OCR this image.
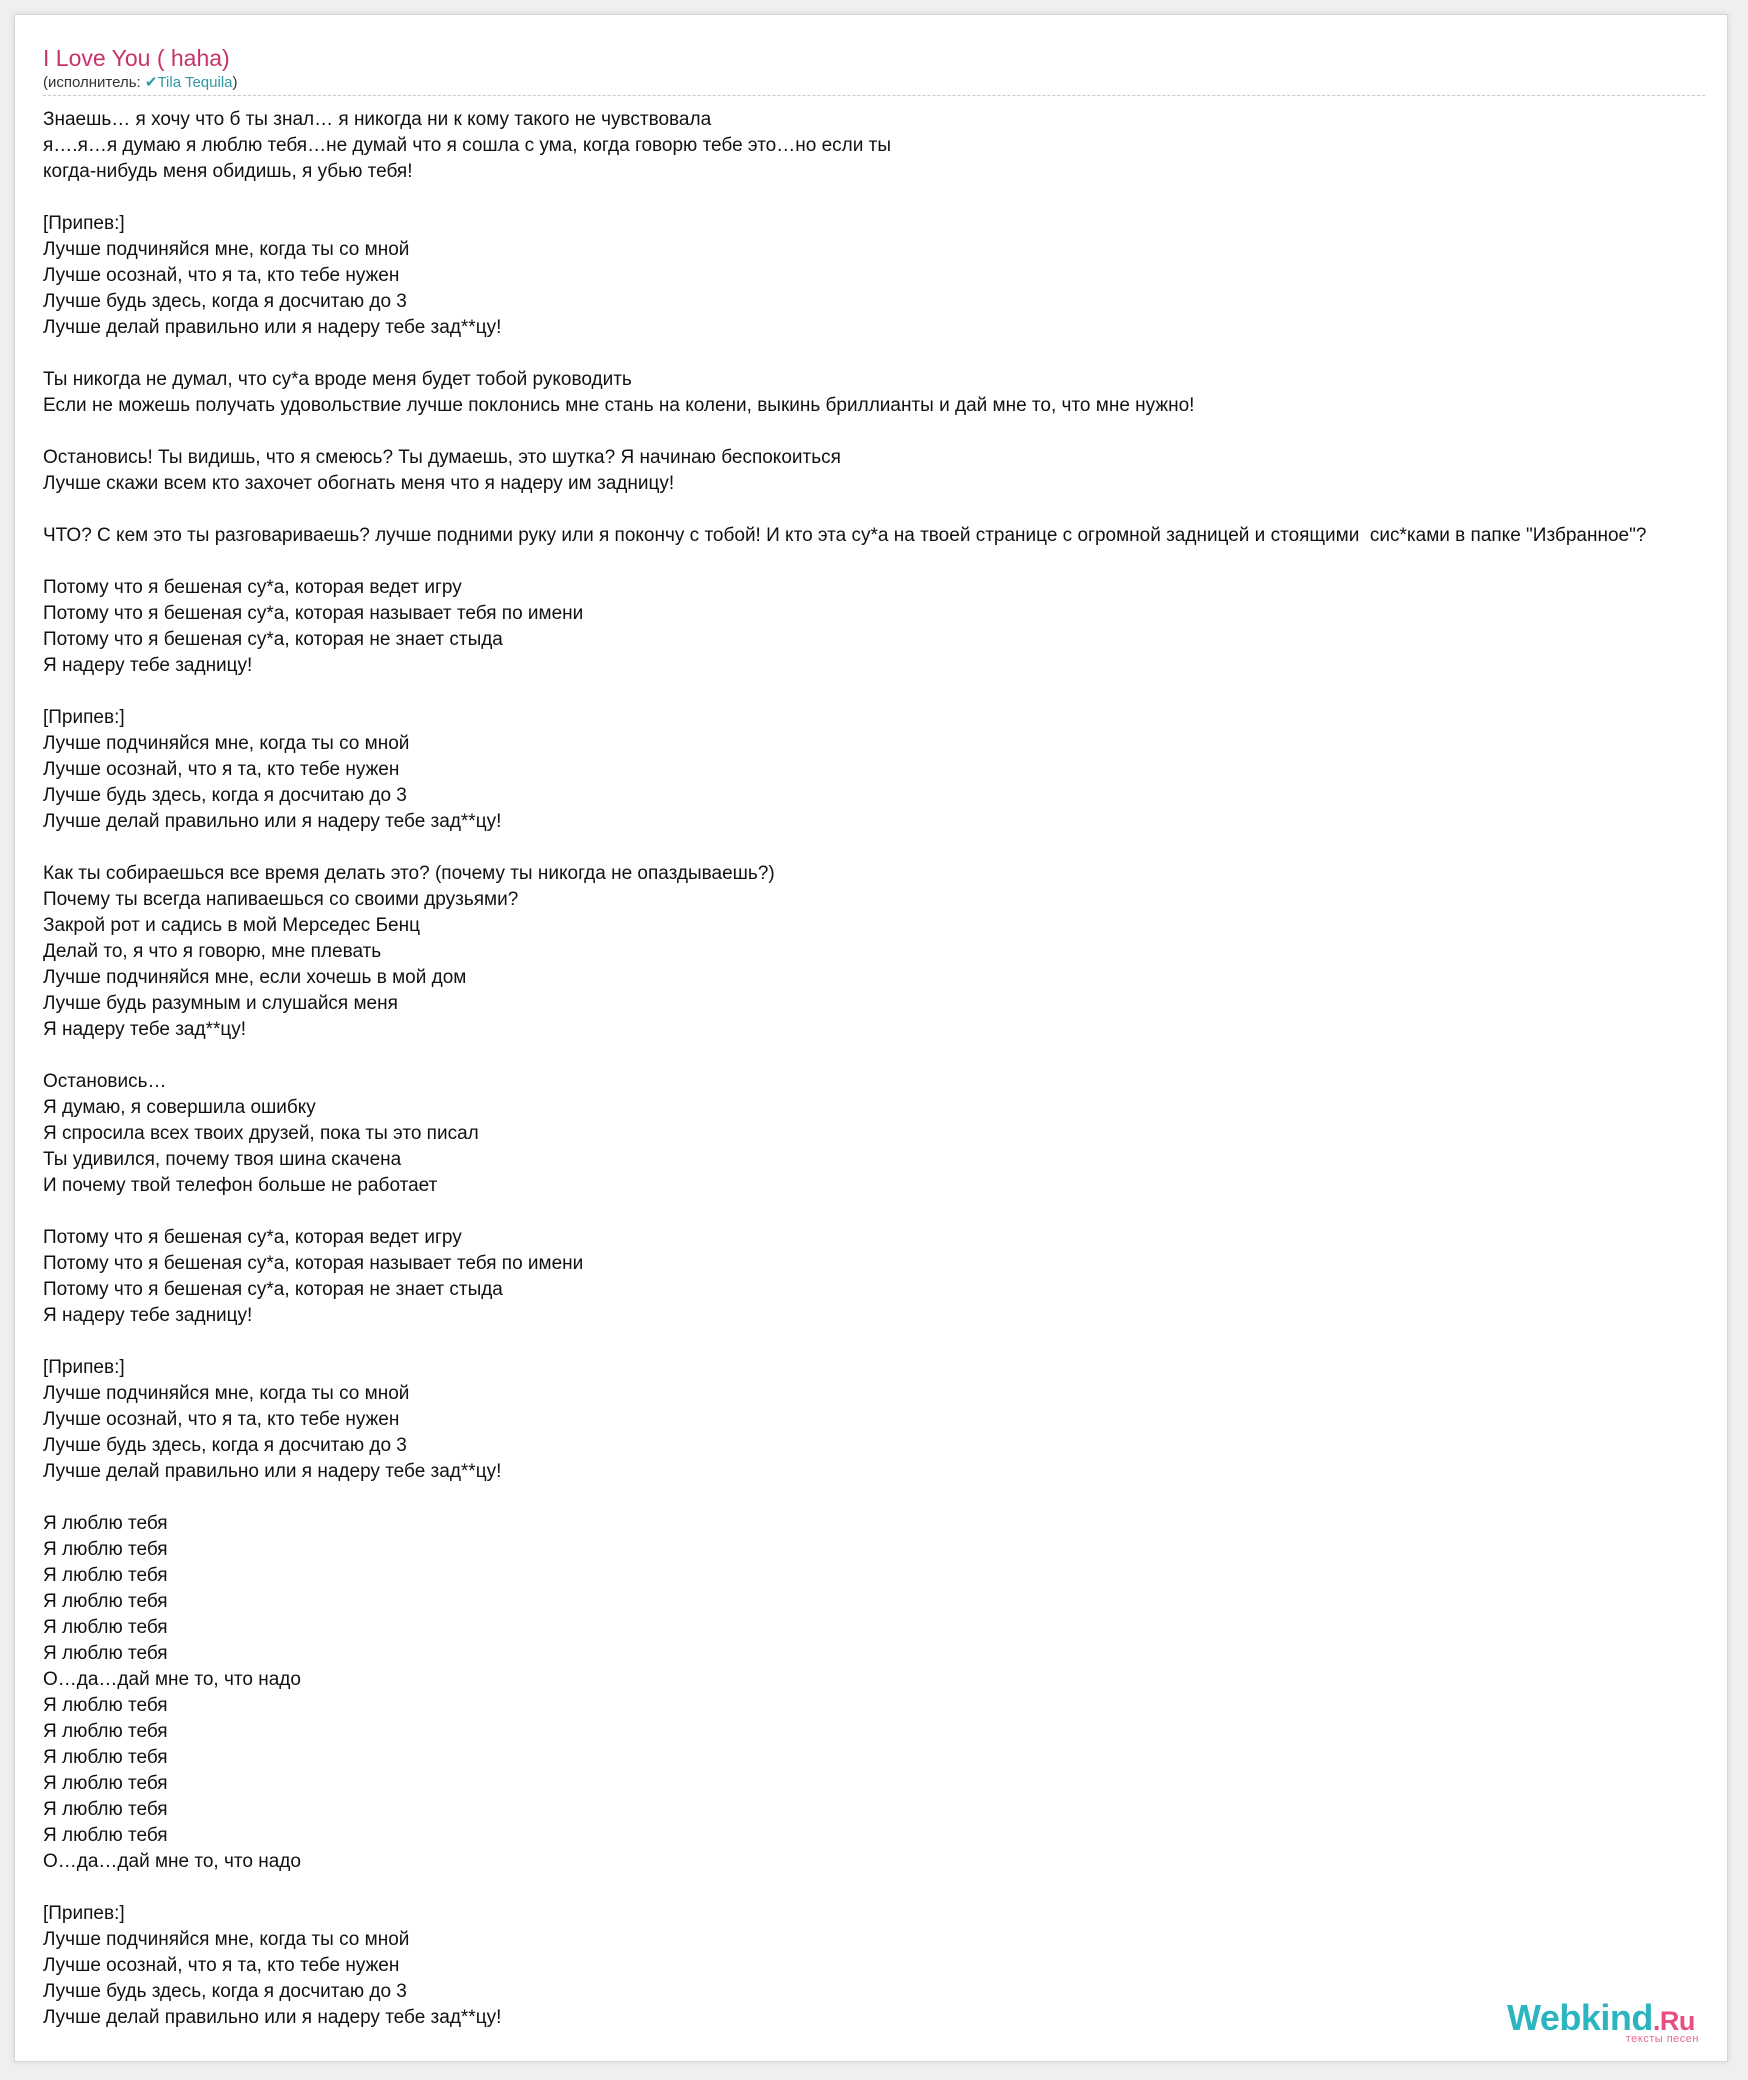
I Love You ( haha)
(исполнитель: ✔Tila Tequila)
Знаешь… я хочу что б ты знал… я никогда ни к кому такого не чувствовала
я….я…я думаю я люблю тебя…не думай что я сошла с ума, когда говорю тебе это…но если ты
когда-нибудь меня обидишь, я убью тебя!
[Припев:]
Лучше подчиняйся мне, когда ты со мной
Лучше осознай, что я та, кто тебе нужен
Лучше будь здесь, когда я досчитаю до 3
Лучше делай правильно или я надеру тебе зад**цу!
Ты никогда не думал, что су*а вроде меня будет тобой руководить
Если не можешь получать удовольствие лучше поклонись мне стань на колени, выкинь бриллианты и дай мне то, что мне нужно!
Остановись! Ты видишь, что я смеюсь? Ты думаешь, это шутка? Я начинаю беспокоиться
Лучше скажи всем кто захочет обогнать меня что я надеру им задницу!
ЧТО? С кем это ты разговариваешь? лучше подними руку или я покончу с тобой! И кто эта су*а на твоей странице с огромной задницей и стоящими  сис*ками в папке "Избранное"?
Потому что я бешеная су*а, которая ведет игру
Потому что я бешеная су*а, которая называет тебя по имени
Потому что я бешеная су*а, которая не знает стыда
Я надеру тебе задницу!
[Припев:]
Лучше подчиняйся мне, когда ты со мной
Лучше осознай, что я та, кто тебе нужен
Лучше будь здесь, когда я досчитаю до 3
Лучше делай правильно или я надеру тебе зад**цу!
Как ты собираешься все время делать это? (почему ты никогда не опаздываешь?)
Почему ты всегда напиваешься со своими друзьями?
Закрой рот и садись в мой Мерседес Бенц
Делай то, я что я говорю, мне плевать
Лучше подчиняйся мне, если хочешь в мой дом
Лучше будь разумным и слушайся меня
Я надеру тебе зад**цу!
Остановись…
Я думаю, я совершила ошибку
Я спросила всех твоих друзей, пока ты это писал
Ты удивился, почему твоя шина скачена
И почему твой телефон больше не работает
Потому что я бешеная су*а, которая ведет игру
Потому что я бешеная су*а, которая называет тебя по имени
Потому что я бешеная су*а, которая не знает стыда
Я надеру тебе задницу!
[Припев:]
Лучше подчиняйся мне, когда ты со мной
Лучше осознай, что я та, кто тебе нужен
Лучше будь здесь, когда я досчитаю до 3
Лучше делай правильно или я надеру тебе зад**цу!
Я люблю тебя
Я люблю тебя
Я люблю тебя
Я люблю тебя
Я люблю тебя
Я люблю тебя
О…да…дай мне то, что надо
Я люблю тебя
Я люблю тебя
Я люблю тебя
Я люблю тебя
Я люблю тебя
Я люблю тебя
О…да…дай мне то, что надо
[Припев:]
Лучше подчиняйся мне, когда ты со мной
Лучше осознай, что я та, кто тебе нужен
Лучше будь здесь, когда я досчитаю до 3
Лучше делай правильно или я надеру тебе зад**цу!	Webkind.Ru
тексты песен
